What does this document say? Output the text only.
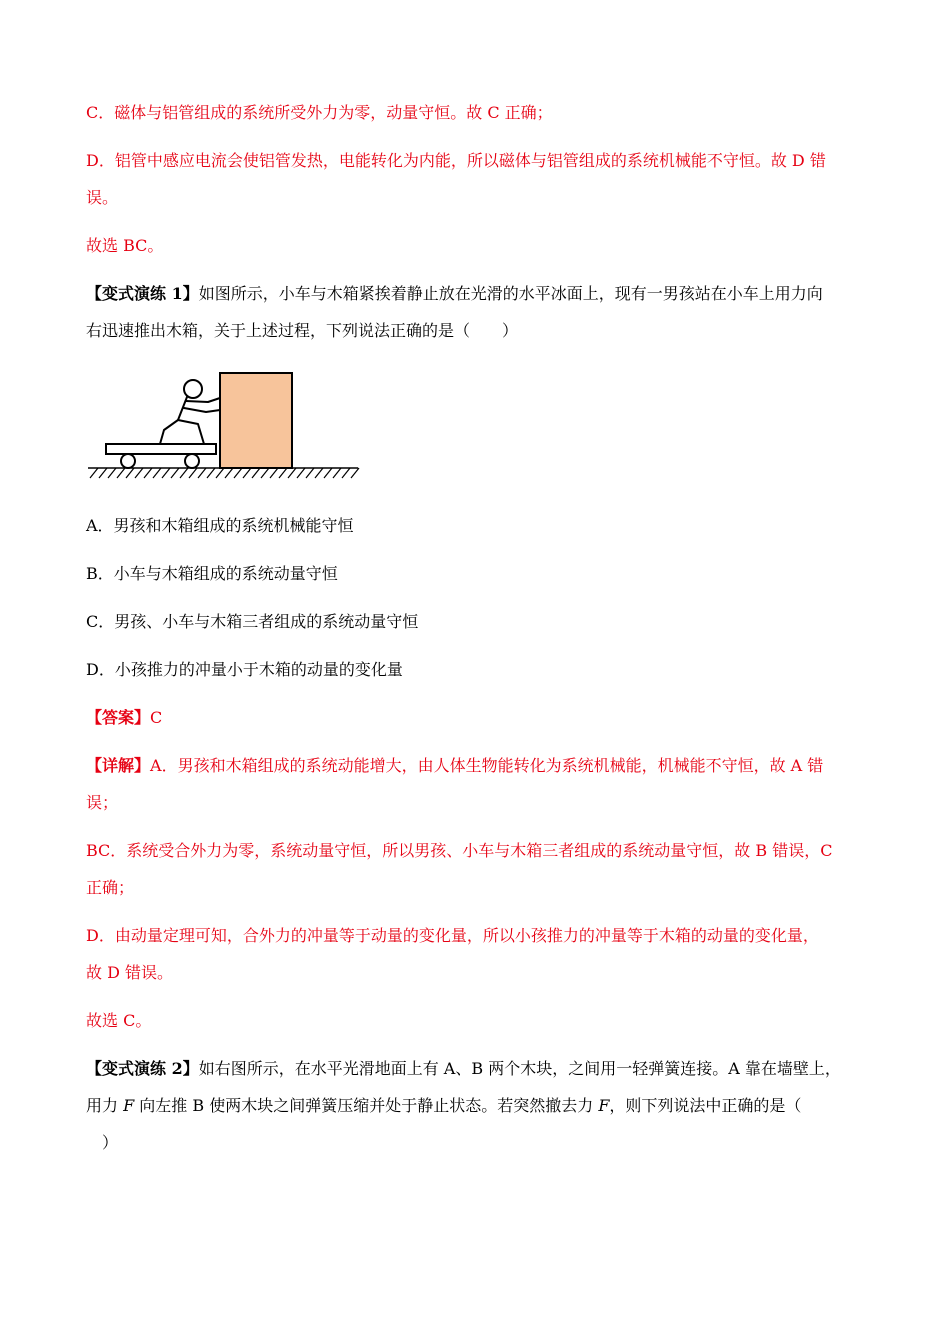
C．磁体与铝管组成的系统所受外力为零，动量守恒。故 C 正确；

D．铝管中感应电流会使铝管发热，电能转化为内能，所以磁体与铝管组成的系统机械能不守恒。故 D 错

误。

故选 BC。

【变式演练 1】如图所示，小车与木箱紧挨着静止放在光滑的水平冰面上，现有一男孩站在小车上用力向

右迅速推出木箱，关于上述过程，下列说法正确的是（　　）

A．男孩和木箱组成的系统机械能守恒

B．小车与木箱组成的系统动量守恒

C．男孩、小车与木箱三者组成的系统动量守恒

D．小孩推力的冲量小于木箱的动量的变化量

【答案】C

【详解】A．男孩和木箱组成的系统动能增大，由人体生物能转化为系统机械能，机械能不守恒，故 A 错

误；

BC．系统受合外力为零，系统动量守恒，所以男孩、小车与木箱三者组成的系统动量守恒，故 B 错误，C

正确；

D．由动量定理可知，合外力的冲量等于动量的变化量，所以小孩推力的冲量等于木箱的动量的变化量，

故 D 错误。

故选 C。

【变式演练 2】如右图所示，在水平光滑地面上有 A、B 两个木块，之间用一轻弹簧连接。A 靠在墙壁上，

用力 F 向左推 B 使两木块之间弹簧压缩并处于静止状态。若突然撤去力 F，则下列说法中正确的是（

　）
